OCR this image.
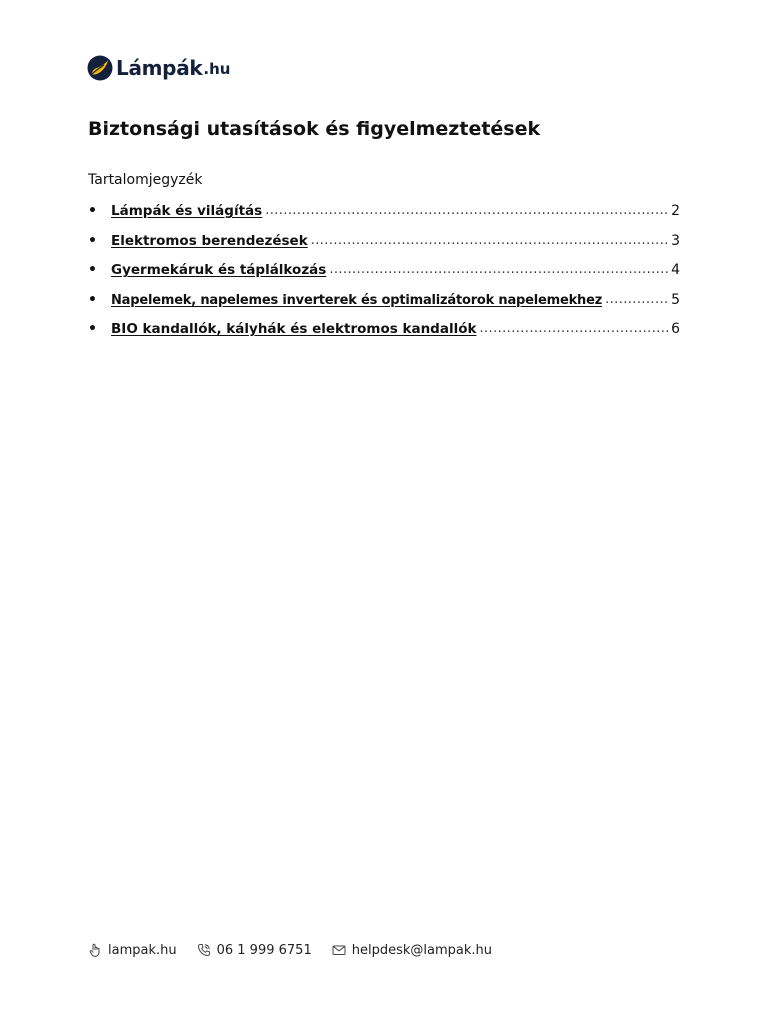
Lámpák .hu
Biztonsági utasítások és figyelmeztetések
Tartalomjegyzék
•	Lámpák és világítás .....	2
•	Elektromos berendezések .....	3
•	Gyermekáruk és táplálkozás .....	4
•	Napelemek, napelemes inverterek és optimalizátorok napelemekhez .....	5
•	BIO kandallók, kályhák és elektromos kandallók .....	6
lampak.hu	06 1 999 6751	helpdesk@lampak.hu
